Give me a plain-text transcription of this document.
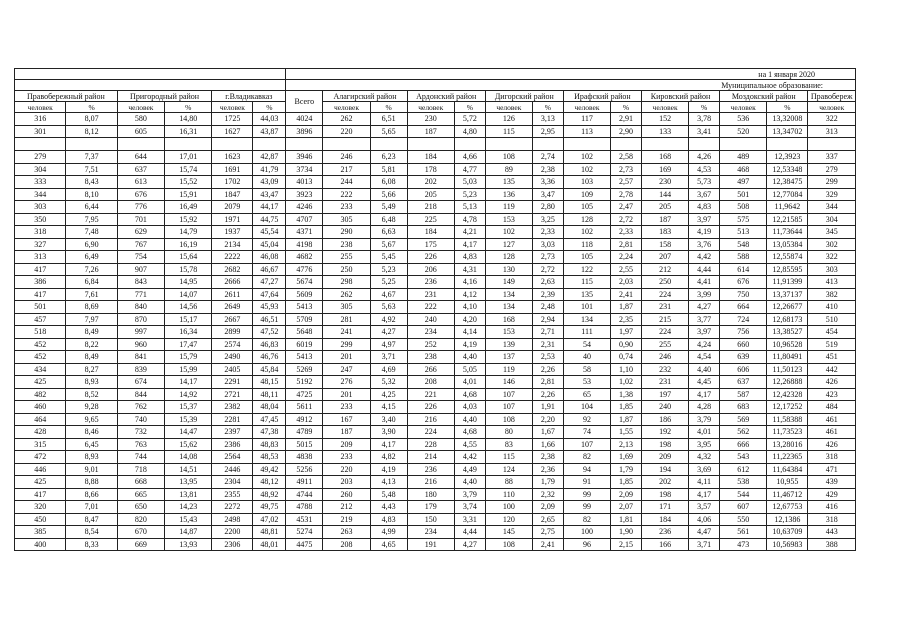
						на 1 января 2020													
						Муниципальное образование:													
Правобережный район		Пригородный район		г.Владикавказ		Всего	Алагирский район		Ардонский район		Дигорский район		Ирафский район		Кировский район		Моздокский район		Правобереж
человек	%	человек	%	человек	%		человек	%	человек	%	человек	%	человек	%	человек	%	человек	%	человек
316	8,07	580	14,80	1725	44,03	4024	262	6,51	230	5,72	126	3,13	117	2,91	152	3,78	536	13,32008	322
301	8,12	605	16,31	1627	43,87	3896	220	5,65	187	4,80	115	2,95	113	2,90	133	3,41	520	13,34702	313

279	7,37	644	17,01	1623	42,87	3946	246	6,23	184	4,66	108	2,74	102	2,58	168	4,26	489	12,3923	337
304	7,51	637	15,74	1691	41,79	3734	217	5,81	178	4,77	89	2,38	102	2,73	169	4,53	468	12,53348	279
333	8,43	613	15,52	1702	43,09	4013	244	6,08	202	5,03	135	3,36	103	2,57	230	5,73	497	12,38475	299
344	8,10	676	15,91	1847	43,47	3923	222	5,66	205	5,23	136	3,47	109	2,78	144	3,67	501	12,77084	329
303	6,44	776	16,49	2079	44,17	4246	233	5,49	218	5,13	119	2,80	105	2,47	205	4,83	508	11,9642	344
350	7,95	701	15,92	1971	44,75	4707	305	6,48	225	4,78	153	3,25	128	2,72	187	3,97	575	12,21585	304
318	7,48	629	14,79	1937	45,54	4371	290	6,63	184	4,21	102	2,33	102	2,33	183	4,19	513	11,73644	345
327	6,90	767	16,19	2134	45,04	4198	238	5,67	175	4,17	127	3,03	118	2,81	158	3,76	548	13,05384	302
313	6,49	754	15,64	2222	46,08	4682	255	5,45	226	4,83	128	2,73	105	2,24	207	4,42	588	12,55874	322
417	7,26	907	15,78	2682	46,67	4776	250	5,23	206	4,31	130	2,72	122	2,55	212	4,44	614	12,85595	303
386	6,84	843	14,95	2666	47,27	5674	298	5,25	236	4,16	149	2,63	115	2,03	250	4,41	676	11,91399	413
417	7,61	771	14,07	2611	47,64	5609	262	4,67	231	4,12	134	2,39	135	2,41	224	3,99	750	13,37137	382
501	8,69	840	14,56	2649	45,93	5413	305	5,63	222	4,10	134	2,48	101	1,87	231	4,27	664	12,26677	410
457	7,97	870	15,17	2667	46,51	5709	281	4,92	240	4,20	168	2,94	134	2,35	215	3,77	724	12,68173	510
518	8,49	997	16,34	2899	47,52	5648	241	4,27	234	4,14	153	2,71	111	1,97	224	3,97	756	13,38527	454
452	8,22	960	17,47	2574	46,83	6019	299	4,97	252	4,19	139	2,31	54	0,90	255	4,24	660	10,96528	519
452	8,49	841	15,79	2490	46,76	5413	201	3,71	238	4,40	137	2,53	40	0,74	246	4,54	639	11,80491	451
434	8,27	839	15,99	2405	45,84	5269	247	4,69	266	5,05	119	2,26	58	1,10	232	4,40	606	11,50123	442
425	8,93	674	14,17	2291	48,15	5192	276	5,32	208	4,01	146	2,81	53	1,02	231	4,45	637	12,26888	426
482	8,52	844	14,92	2721	48,11	4725	201	4,25	221	4,68	107	2,26	65	1,38	197	4,17	587	12,42328	423
460	9,28	762	15,37	2382	48,04	5611	233	4,15	226	4,03	107	1,91	104	1,85	240	4,28	683	12,17252	484
464	9,65	740	15,39	2281	47,45	4912	167	3,40	216	4,40	108	2,20	92	1,87	186	3,79	569	11,58388	461
428	8,46	732	14,47	2397	47,38	4789	187	3,90	224	4,68	80	1,67	74	1,55	192	4,01	562	11,73523	461
315	6,45	763	15,62	2386	48,83	5015	209	4,17	228	4,55	83	1,66	107	2,13	198	3,95	666	13,28016	426
472	8,93	744	14,08	2564	48,53	4838	233	4,82	214	4,42	115	2,38	82	1,69	209	4,32	543	11,22365	318
446	9,01	718	14,51	2446	49,42	5256	220	4,19	236	4,49	124	2,36	94	1,79	194	3,69	612	11,64384	471
425	8,88	668	13,95	2304	48,12	4911	203	4,13	216	4,40	88	1,79	91	1,85	202	4,11	538	10,955	439
417	8,66	665	13,81	2355	48,92	4744	260	5,48	180	3,79	110	2,32	99	2,09	198	4,17	544	11,46712	429
320	7,01	650	14,23	2272	49,75	4788	212	4,43	179	3,74	100	2,09	99	2,07	171	3,57	607	12,67753	416
450	8,47	820	15,43	2498	47,02	4531	219	4,83	150	3,31	120	2,65	82	1,81	184	4,06	550	12,1386	318
385	8,54	670	14,87	2200	48,81	5274	263	4,99	234	4,44	145	2,75	100	1,90	236	4,47	561	10,63709	443
400	8,33	669	13,93	2306	48,01	4475	208	4,65	191	4,27	108	2,41	96	2,15	166	3,71	473	10,56983	388
